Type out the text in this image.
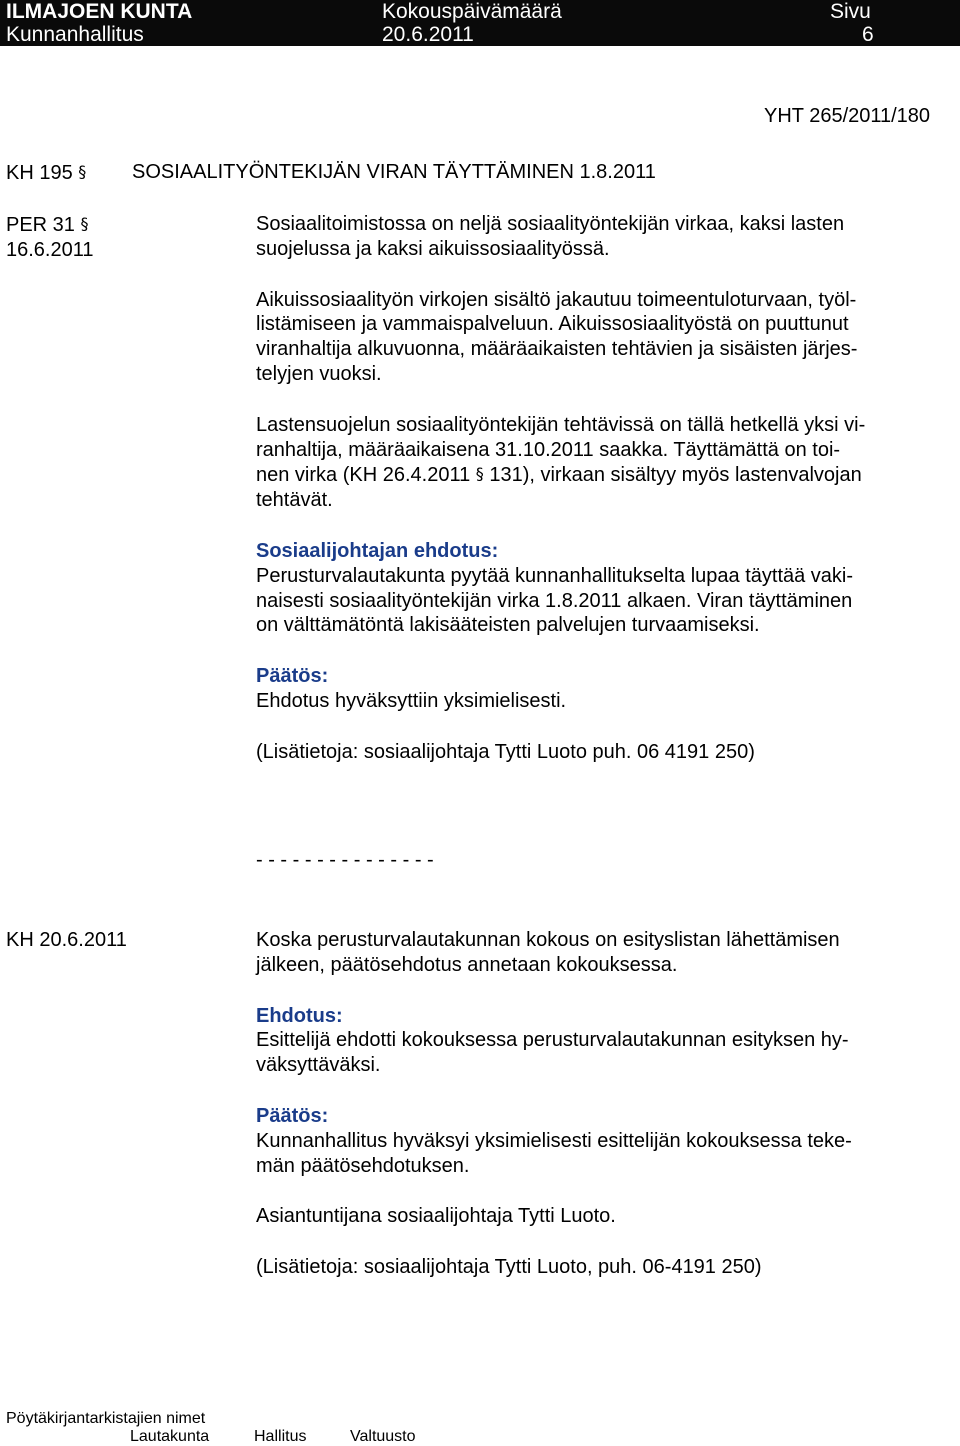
ILMAJOEN KUNTA
Kunnanhallitus
Kokouspäivämäärä
20.6.2011
Sivu
6
YHT 265/2011/180
KH 195 § SOSIAALITYÖNTEKIJÄN VIRAN TÄYTTÄMINEN 1.8.2011
PER 31 §
16.6.2011

Sosiaalitoimistossa on neljä sosiaalityöntekijän virkaa, kaksi lasten
suojelussa ja kaksi aikuissosiaalityössä.

Aikuissosiaalityön virkojen sisältö jakautuu toimeentuloturvaan, työl-
listämiseen ja vammaispalveluun. Aikuissosiaalityöstä on puuttunut
viranhaltija alkuvuonna, määräaikaisten tehtävien ja sisäisten järjes-
telyjen vuoksi.

Lastensuojelun sosiaalityöntekijän tehtävissä on tällä hetkellä yksi vi-
ranhaltija, määräaikaisena 31.10.2011 saakka. Täyttämättä on toi-
nen virka (KH 26.4.2011 § 131), virkaan sisältyy myös lastenvalvojan
tehtävät.

Sosiaalijohtajan ehdotus:

Perusturvalautakunta pyytää kunnanhallitukselta lupaa täyttää vaki-
naisesti sosiaalityöntekijän virka 1.8.2011 alkaen. Viran täyttäminen
on välttämätöntä lakisääteisten palvelujen turvaamiseksi.

Päätös:

Ehdotus hyväksyttiin yksimielisesti.

(Lisätietoja: sosiaalijohtaja Tytti Luoto puh. 06 4191 250)

- - - - - - - - - - - - - - -
KH 20.6.2011	Koska perusturvalautakunnan kokous on esityslistan lähettämisen
jälkeen, päätösehdotus annetaan kokouksessa.

Ehdotus:

Esittelijä ehdotti kokouksessa perusturvalautakunnan esityksen hy-
väksyttäväksi.

Päätös:

Kunnanhallitus hyväksyi yksimielisesti esittelijän kokouksessa teke-
män päätösehdotuksen.

Asiantuntijana sosiaalijohtaja Tytti Luoto.

(Lisätietoja: sosiaalijohtaja Tytti Luoto, puh. 06-4191 250)

Pöytäkirjantarkistajien nimet
Lautakunta	Hallitus	Valtuusto
